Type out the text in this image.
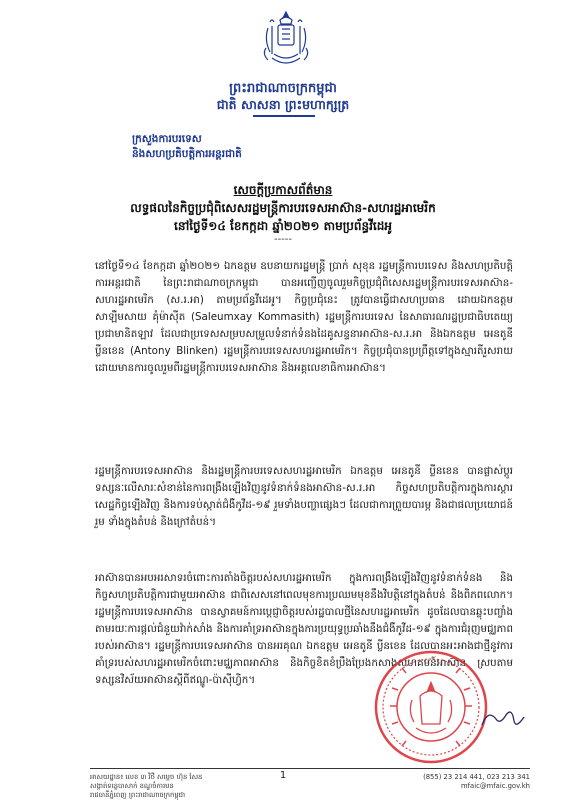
ព្រះរាជាណាចក្រកម្ពុជា
ជាតិ សាសនា ព្រះមហាក្សត្រ
ក្រសួងការបរទេស
និងសហប្រតិបត្តិការអន្តរជាតិ
សេចក្តីប្រកាសព័ត៌មាន
លទ្ធផលនៃកិច្ចប្រជុំពិសេសរដ្ឋមន្ត្រីការបរទេសអាស៊ាន-សហរដ្ឋអាមេរិក
នៅថ្ងៃទី១៤ ខែកក្កដា ឆ្នាំ២០២១ តាមប្រព័ន្ធវីដេអូ
-----

នៅថ្ងៃទី១៤ ខែកក្កដា ឆ្នាំ២០២១ ឯកឧត្តម ឧបនាយករដ្ឋមន្ត្រី ប្រាក់ សុខុន រដ្ឋមន្ត្រីការបរទេស និងសហប្រតិបត្តិការអន្តរជាតិ នៃព្រះរាជាណាចក្រកម្ពុជា បានអញ្ជើញចូលរួមកិច្ចប្រជុំពិសេសរដ្ឋមន្ត្រីការបរទេសអាស៊ាន-សហរដ្ឋអាមេរិក (ស.រ.អា) តាមប្រព័ន្ធវីដេអូ។ កិច្ចប្រជុំនេះ ត្រូវបានធ្វើជាសហប្រធាន ដោយឯកឧត្តម សាឡឺមសាយ គុំម៉ាស៊ីត (Saleumxay Kommasith) រដ្ឋមន្ត្រីការបរទេស នៃសាធារណរដ្ឋប្រជាធិបតេយ្យប្រជាមានិតឡាវ ដែលជាប្រទេសសម្របសម្រួលទំនាក់ទំនងដៃគូសន្ទនាអាស៊ាន-ស.រ.អា និងឯកឧត្តម អេនតូនី ប្លីនខេន (Antony Blinken) រដ្ឋមន្ត្រីការបរទេសសហរដ្ឋអាមេរិក។ កិច្ចប្រជុំបានប្រព្រឹត្តទៅក្នុងស្មារតីរួសរាយ ដោយមានការចូលរួមពីរដ្ឋមន្ត្រីការបរទេសអាស៊ាន និងអគ្គលេខាធិការអាស៊ាន។

រដ្ឋមន្ត្រីការបរទេសអាស៊ាន និងរដ្ឋមន្ត្រីការបរទេសសហរដ្ឋអាមេរិក ឯកឧត្តម អេនតូនី ប្លីនខេន បានផ្លាស់ប្តូរទស្សនៈលើសារៈសំខាន់នៃការពង្រឹងឡើងវិញនូវទំនាក់ទំនងអាស៊ាន-ស.រ.អា កិច្ចសហប្រតិបត្តិការក្នុងការស្តារសេដ្ឋកិច្ចឡើងវិញ និងការទប់ស្កាត់ជំងឺកូវីដ-១៩ រួមទាំងបញ្ហាផ្សេងៗ ដែលជាការព្រួយបារម្ភ និងជាផលប្រយោជន៍រួម ទាំងក្នុងតំបន់ និងក្រៅតំបន់។

អាស៊ានបានអបអរសាទរចំពោះការតាំងចិត្តរបស់សហរដ្ឋអាមេរិក ក្នុងការពង្រឹងឡើងវិញនូវទំនាក់ទំនង និងកិច្ចសហប្រតិបត្តិការជាមួយអាស៊ាន ជាពិសេសនៅពេលមុខការប្រឈមមុខនឹងវិបត្តិនៅក្នុងតំបន់ និងពិភពលោក។ រដ្ឋមន្ត្រីការបរទេសអាស៊ាន បានស្វាគមន៍ការប្តេជ្ញាចិត្តរបស់រដ្ឋបាលថ្មីនៃសហរដ្ឋអាមេរិក ដូចដែលបានឆ្លុះបញ្ចាំងតាមរយៈការផ្តល់ជំនួយវ៉ាក់សាំង និងការគាំទ្រអាស៊ានក្នុងការប្រយុទ្ធប្រឆាំងនឹងជំងឺកូវីដ-១៩ ក្នុងការជំរុញមជ្ឈភាពរបស់អាស៊ាន។ រដ្ឋមន្ត្រីការបរទេសអាស៊ាន បានអរគុណ ឯកឧត្តម អេនតូនី ប្លីនខេន ដែលបានអះអាងជាថ្មីនូវការគាំទ្ររបស់សហរដ្ឋអាមេរិកចំពោះមជ្ឈភាពអាស៊ាន និងកិច្ចខិតខំប្រឹងប្រែងកសាងសហគមន៍អាស៊ាន ស្របតាមទស្សនវិស័យអាស៊ានស្តីពីឥណ្ឌូ-ប៉ាស៊ីហ្វិក។

1
អាសយដ្ឋាន៖ លេខ ៣ វិថី សម្តេច ហ៊ុន សែន
សង្កាត់ទន្លេបាសាក់ ខណ្ឌចំការមន
រាជធានីភ្នំពេញ ព្រះរាជាណាចក្រកម្ពុជា
(855) 23 214 441, 023 213 341
mfaic@mfaic.gov.kh
